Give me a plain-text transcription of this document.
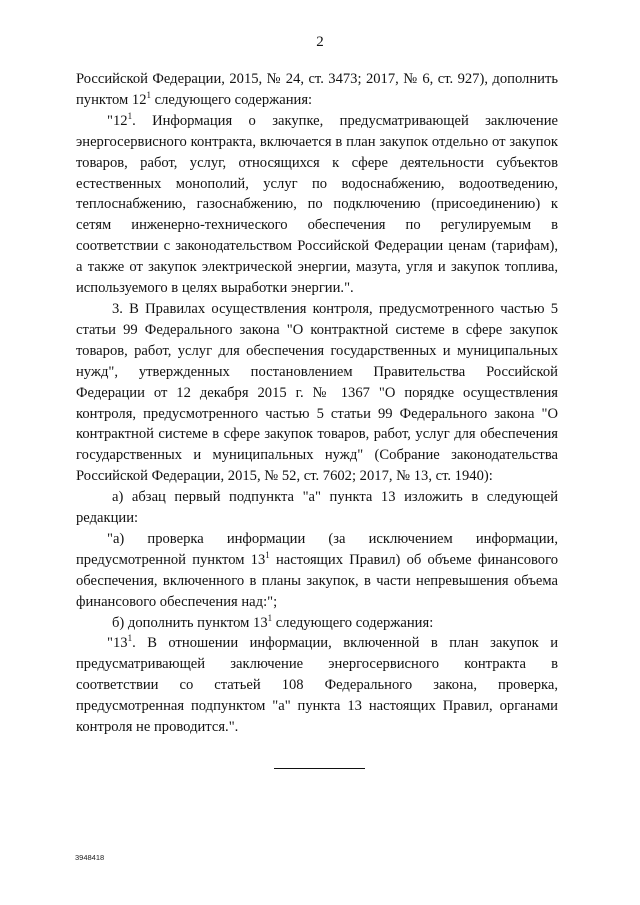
2

Российской Федерации, 2015, № 24, ст. 3473; 2017, № 6, ст. 927), дополнить пунктом $12^1$ следующего содержания:

"$12^1$. Информация о закупке, предусматривающей заключение энергосервисного контракта, включается в план закупок отдельно от закупок товаров, работ, услуг, относящихся к сфере деятельности субъектов естественных монополий, услуг по водоснабжению, водоотведению, теплоснабжению, газоснабжению, по подключению (присоединению) к сетям инженерно-технического обеспечения по регулируемым в соответствии с законодательством Российской Федерации ценам (тарифам), а также от закупок электрической энергии, мазута, угля и закупок топлива, используемого в целях выработки энергии.".

3. В Правилах осуществления контроля, предусмотренного частью 5 статьи 99 Федерального закона "О контрактной системе в сфере закупок товаров, работ, услуг для обеспечения государственных и муниципальных нужд", утвержденных постановлением Правительства Российской Федерации от 12 декабря 2015 г. № 1367 "О порядке осуществления контроля, предусмотренного частью 5 статьи 99 Федерального закона "О контрактной системе в сфере закупок товаров, работ, услуг для обеспечения государственных и муниципальных нужд" (Собрание законодательства Российской Федерации, 2015, № 52, ст. 7602; 2017, № 13, ст. 1940):

а) абзац первый подпункта "а" пункта 13 изложить в следующей редакции:

"а) проверка информации (за исключением информации, предусмотренной пунктом $13^1$ настоящих Правил) об объеме финансового обеспечения, включенного в планы закупок, в части непревышения объема финансового обеспечения над:";

б) дополнить пунктом $13^1$ следующего содержания:

"$13^1$. В отношении информации, включенной в план закупок и предусматривающей заключение энергосервисного контракта в соответствии со статьей 108 Федерального закона, проверка, предусмотренная подпунктом "а" пункта 13 настоящих Правил, органами контроля не проводится.".

3948418
